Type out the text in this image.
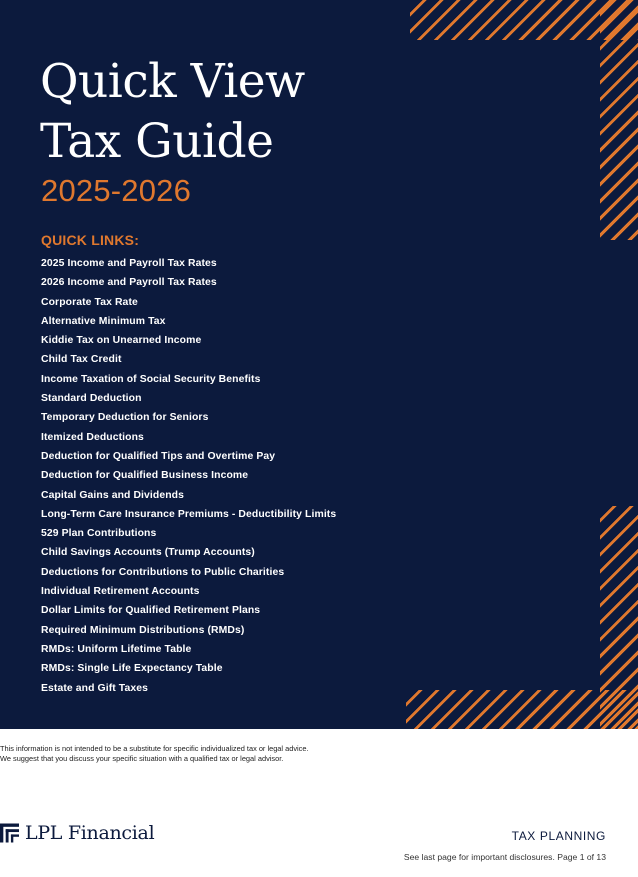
Quick View
Tax Guide
2025-2026
QUICK LINKS:
2025 Income and Payroll Tax Rates
2026 Income and Payroll Tax Rates
Corporate Tax Rate
Alternative Minimum Tax
Kiddie Tax on Unearned Income
Child Tax Credit
Income Taxation of Social Security Benefits
Standard Deduction
Temporary Deduction for Seniors
Itemized Deductions
Deduction for Qualified Tips and Overtime Pay
Deduction for Qualified Business Income
Capital Gains and Dividends
Long-Term Care Insurance Premiums - Deductibility Limits
529 Plan Contributions
Child Savings Accounts (Trump Accounts)
Deductions for Contributions to Public Charities
Individual Retirement Accounts
Dollar Limits for Qualified Retirement Plans
Required Minimum Distributions (RMDs)
RMDs: Uniform Lifetime Table
RMDs: Single Life Expectancy Table
Estate and Gift Taxes
This information is not intended to be a substitute for specific individualized tax or legal advice.
We suggest that you discuss your specific situation with a qualified tax or legal advisor.
LPL Financial	TAX PLANNING
See last page for important disclosures. Page 1 of 13
